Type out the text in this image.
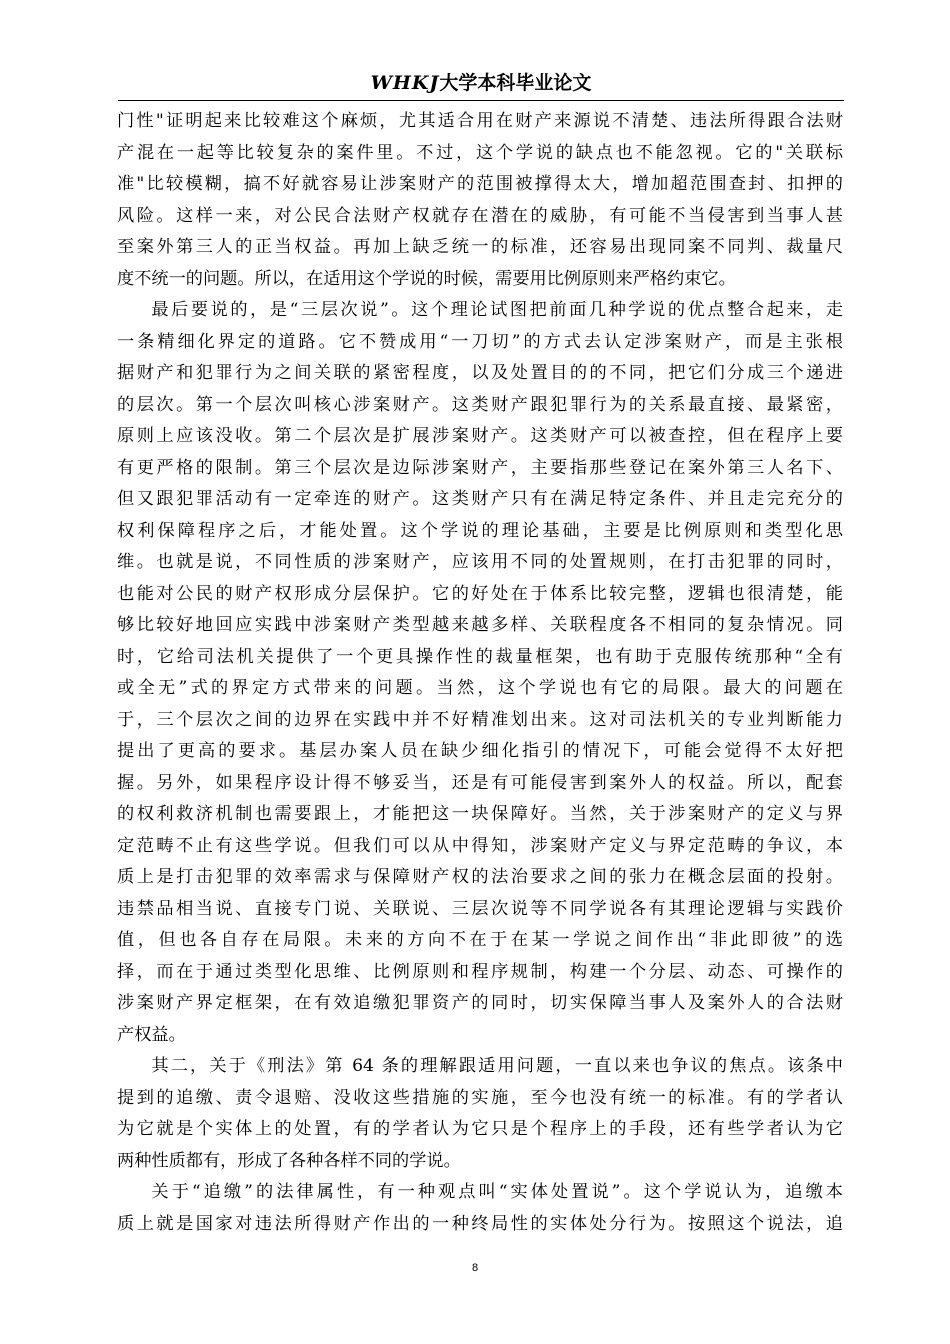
WHKJ大学本科毕业论文
门性"证明起来比较难这个麻烦，尤其适合用在财产来源说不清楚、违法所得跟合法财
产混在一起等比较复杂的案件里。不过，这个学说的缺点也不能忽视。它的"关联标
准"比较模糊，搞不好就容易让涉案财产的范围被撑得太大，增加超范围查封、扣押的
风险。这样一来，对公民合法财产权就存在潜在的威胁，有可能不当侵害到当事人甚
至案外第三人的正当权益。再加上缺乏统一的标准，还容易出现同案不同判、裁量尺
度不统一的问题。所以，在适用这个学说的时候，需要用比例原则来严格约束它。
最后要说的，是“三层次说”。这个理论试图把前面几种学说的优点整合起来，走
一条精细化界定的道路。它不赞成用“一刀切”的方式去认定涉案财产，而是主张根
据财产和犯罪行为之间关联的紧密程度，以及处置目的的不同，把它们分成三个递进
的层次。第一个层次叫核心涉案财产。这类财产跟犯罪行为的关系最直接、最紧密，
原则上应该没收。第二个层次是扩展涉案财产。这类财产可以被查控，但在程序上要
有更严格的限制。第三个层次是边际涉案财产，主要指那些登记在案外第三人名下、
但又跟犯罪活动有一定牵连的财产。这类财产只有在满足特定条件、并且走完充分的
权利保障程序之后，才能处置。这个学说的理论基础，主要是比例原则和类型化思
维。也就是说，不同性质的涉案财产，应该用不同的处置规则，在打击犯罪的同时，
也能对公民的财产权形成分层保护。它的好处在于体系比较完整，逻辑也很清楚，能
够比较好地回应实践中涉案财产类型越来越多样、关联程度各不相同的复杂情况。同
时，它给司法机关提供了一个更具操作性的裁量框架，也有助于克服传统那种“全有
或全无”式的界定方式带来的问题。当然，这个学说也有它的局限。最大的问题在
于，三个层次之间的边界在实践中并不好精准划出来。这对司法机关的专业判断能力
提出了更高的要求。基层办案人员在缺少细化指引的情况下，可能会觉得不太好把
握。另外，如果程序设计得不够妥当，还是有可能侵害到案外人的权益。所以，配套
的权利救济机制也需要跟上，才能把这一块保障好。当然，关于涉案财产的定义与界
定范畴不止有这些学说。但我们可以从中得知，涉案财产定义与界定范畴的争议，本
质上是打击犯罪的效率需求与保障财产权的法治要求之间的张力在概念层面的投射。
违禁品相当说、直接专门说、关联说、三层次说等不同学说各有其理论逻辑与实践价
值，但也各自存在局限。未来的方向不在于在某一学说之间作出“非此即彼”的选
择，而在于通过类型化思维、比例原则和程序规制，构建一个分层、动态、可操作的
涉案财产界定框架，在有效追缴犯罪资产的同时，切实保障当事人及案外人的合法财
产权益。
其二，关于《刑法》第 64 条的理解跟适用问题，一直以来也争议的焦点。该条中
提到的追缴、责令退赔、没收这些措施的实施，至今也没有统一的标准。有的学者认
为它就是个实体上的处置，有的学者认为它只是个程序上的手段，还有些学者认为它
两种性质都有，形成了各种各样不同的学说。
关于“追缴”的法律属性，有一种观点叫“实体处置说”。这个学说认为，追缴本
质上就是国家对违法所得财产作出的一种终局性的实体处分行为。按照这个说法，追
8
